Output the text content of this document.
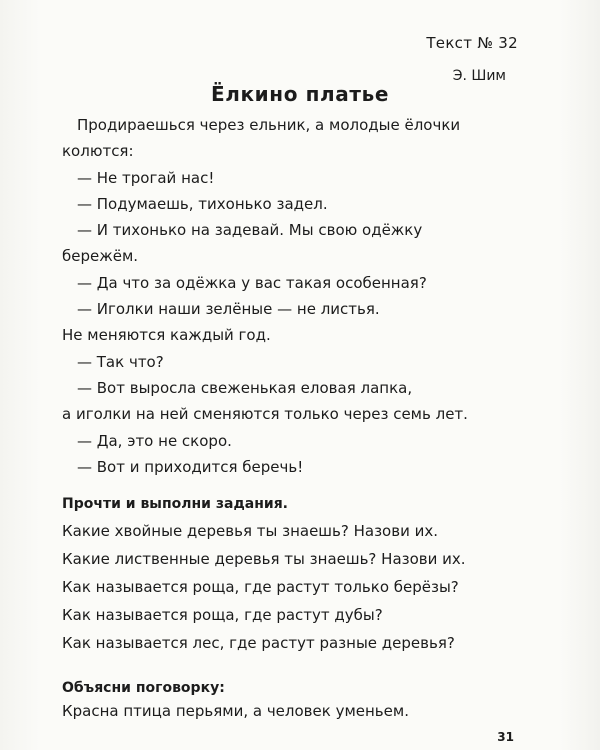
Текст № 32
Э. Шим
Ёлкино платье
Продираешься через ельник, а молодые ёлочки
колются:
— Не трогай нас!
— Подумаешь, тихонько задел.
— И тихонько на задевай. Мы свою одёжку
бережём.
— Да что за одёжка у вас такая особенная?
— Иголки наши зелёные — не листья.
Не меняются каждый год.
— Так что?
— Вот выросла свеженькая еловая лапка,
а иголки на ней сменяются только через семь лет.
— Да, это не скоро.
— Вот и приходится беречь!
Прочти и выполни задания.
Какие хвойные деревья ты знаешь? Назови их.
Какие лиственные деревья ты знаешь? Назови их.
Как называется роща, где растут только берёзы?
Как называется роща, где растут дубы?
Как называется лес, где растут разные деревья?
Объясни поговорку:
Красна птица перьями, а человек уменьем.
31
